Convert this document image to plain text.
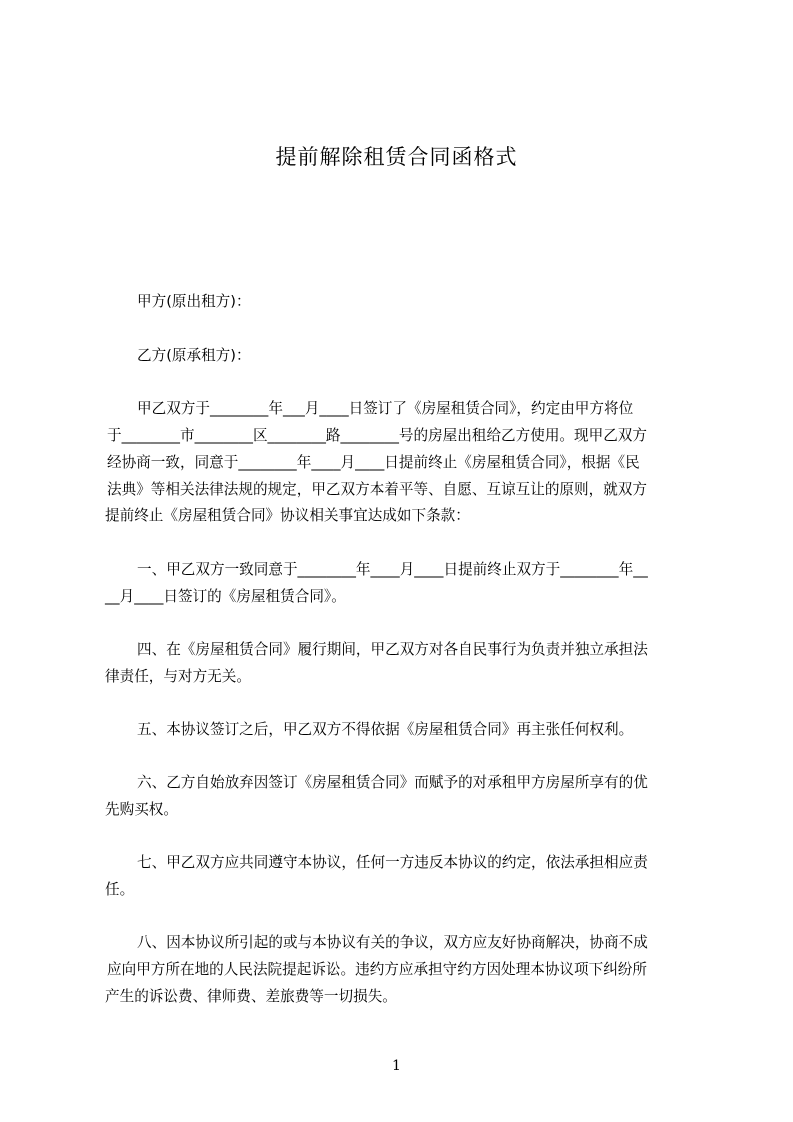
提前解除租赁合同函格式
甲方(原出租方)：
乙方(原承租方)：
甲乙双方于________年___月____日签订了《房屋租赁合同》，约定由甲方将位
于________市________区________路________号的房屋出租给乙方使用。现甲乙双方
经协商一致，同意于________年____月____日提前终止《房屋租赁合同》，根据《民
法典》等相关法律法规的规定，甲乙双方本着平等、自愿、互谅互让的原则，就双方
提前终止《房屋租赁合同》协议相关事宜达成如下条款：
一、甲乙双方一致同意于________年____月____日提前终止双方于________年__
__月____日签订的《房屋租赁合同》。
四、在《房屋租赁合同》履行期间，甲乙双方对各自民事行为负责并独立承担法
律责任，与对方无关。
五、本协议签订之后，甲乙双方不得依据《房屋租赁合同》再主张任何权利。
六、乙方自始放弃因签订《房屋租赁合同》而赋予的对承租甲方房屋所享有的优
先购买权。
七、甲乙双方应共同遵守本协议，任何一方违反本协议的约定，依法承担相应责
任。
八、因本协议所引起的或与本协议有关的争议，双方应友好协商解决，协商不成
应向甲方所在地的人民法院提起诉讼。违约方应承担守约方因处理本协议项下纠纷所
产生的诉讼费、律师费、差旅费等一切损失。
1
